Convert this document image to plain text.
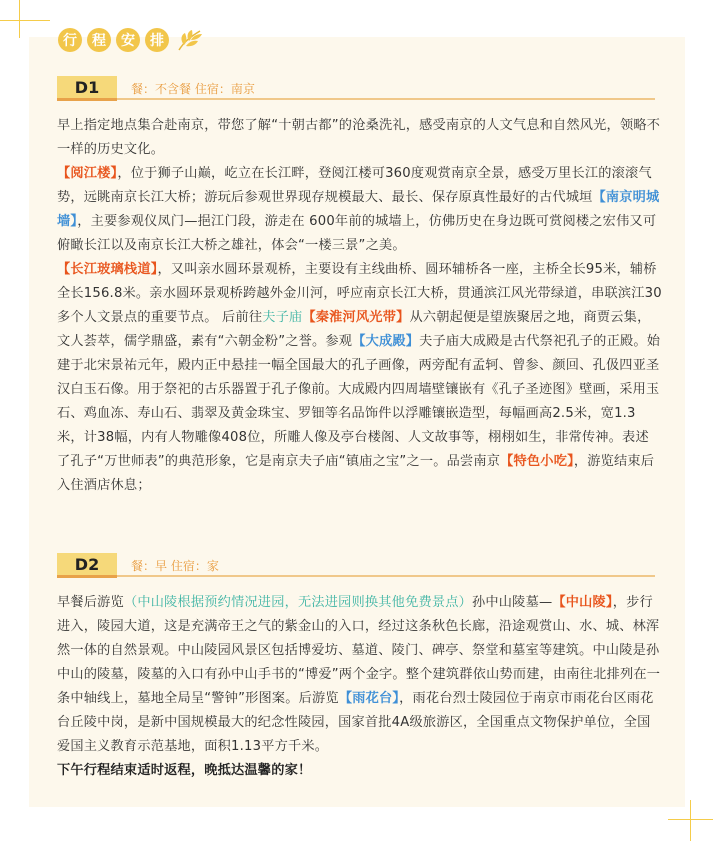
行	程	安	排
D1	餐：不含餐 住宿：南京

早上指定地点集合赴南京，带您了解“十朝古都”的沧桑洗礼，感受南京的人文气息和自然风光，领略不一样的历史文化。

【阅江楼】，位于狮子山巅，屹立在长江畔，登阅江楼可360度观赏南京全景，感受万里长江的滚滚气势，远眺南京长江大桥；游玩后参观世界现存规模最大、最长、保存原真性最好的古代城垣【南京明城墙】，主要参观仪凤门—挹江门段，游走在 600年前的城墙上，仿佛历史在身边既可赏阅楼之宏伟又可俯瞰长江以及南京长江大桥之雄社，体会“一楼三景”之美。

【长江玻璃栈道】，又叫亲水圆环景观桥，主要设有主线曲桥、圆环辅桥各一座，主桥全长95米，辅桥全长156.8米。亲水圆环景观桥跨越外金川河，呼应南京长江大桥，贯通滨江风光带绿道，串联滨江30多个人文景点的重要节点。 后前往夫子庙【秦淮河风光带】从六朝起便是望族聚居之地，商贾云集，文人荟萃，儒学鼎盛，素有“六朝金粉”之誉。参观【大成殿】夫子庙大成殿是古代祭祀孔子的正殿。始建于北宋景祐元年，殿内正中悬挂一幅全国最大的孔子画像，两旁配有孟轲、曾参、颜回、孔伋四亚圣汉白玉石像。用于祭祀的古乐器置于孔子像前。大成殿内四周墙壁镶嵌有《孔子圣迹图》壁画，采用玉石、鸡血冻、寿山石、翡翠及黄金珠宝、罗钿等名品饰件以浮雕镶嵌造型，每幅画高2.5米，宽1.3米，计38幅，内有人物雕像408位，所雕人像及亭台楼阁、人文故事等，栩栩如生，非常传神。表述了孔子“万世师表”的典范形象，它是南京夫子庙“镇庙之宝”之一。品尝南京【特色小吃】，游览结束后入住酒店休息；

D2	餐：早 住宿：家

早餐后游览（中山陵根据预约情况进园，无法进园则换其他免费景点）孙中山陵墓—【中山陵】，步行进入，陵园大道，这是充满帝王之气的紫金山的入口，经过这条秋色长廊，沿途观赏山、水、城、林浑然一体的自然景观。中山陵园风景区包括博爱坊、墓道、陵门、碑亭、祭堂和墓室等建筑。中山陵是孙中山的陵墓，陵墓的入口有孙中山手书的“博爱”两个金字。整个建筑群依山势而建，由南往北排列在一条中轴线上，墓地全局呈“警钟”形图案。后游览【雨花台】，雨花台烈士陵园位于南京市雨花台区雨花台丘陵中岗，是新中国规模最大的纪念性陵园，国家首批4A级旅游区，全国重点文物保护单位，全国爱国主义教育示范基地，面积1.13平方千米。

下午行程结束适时返程，晚抵达温馨的家！
